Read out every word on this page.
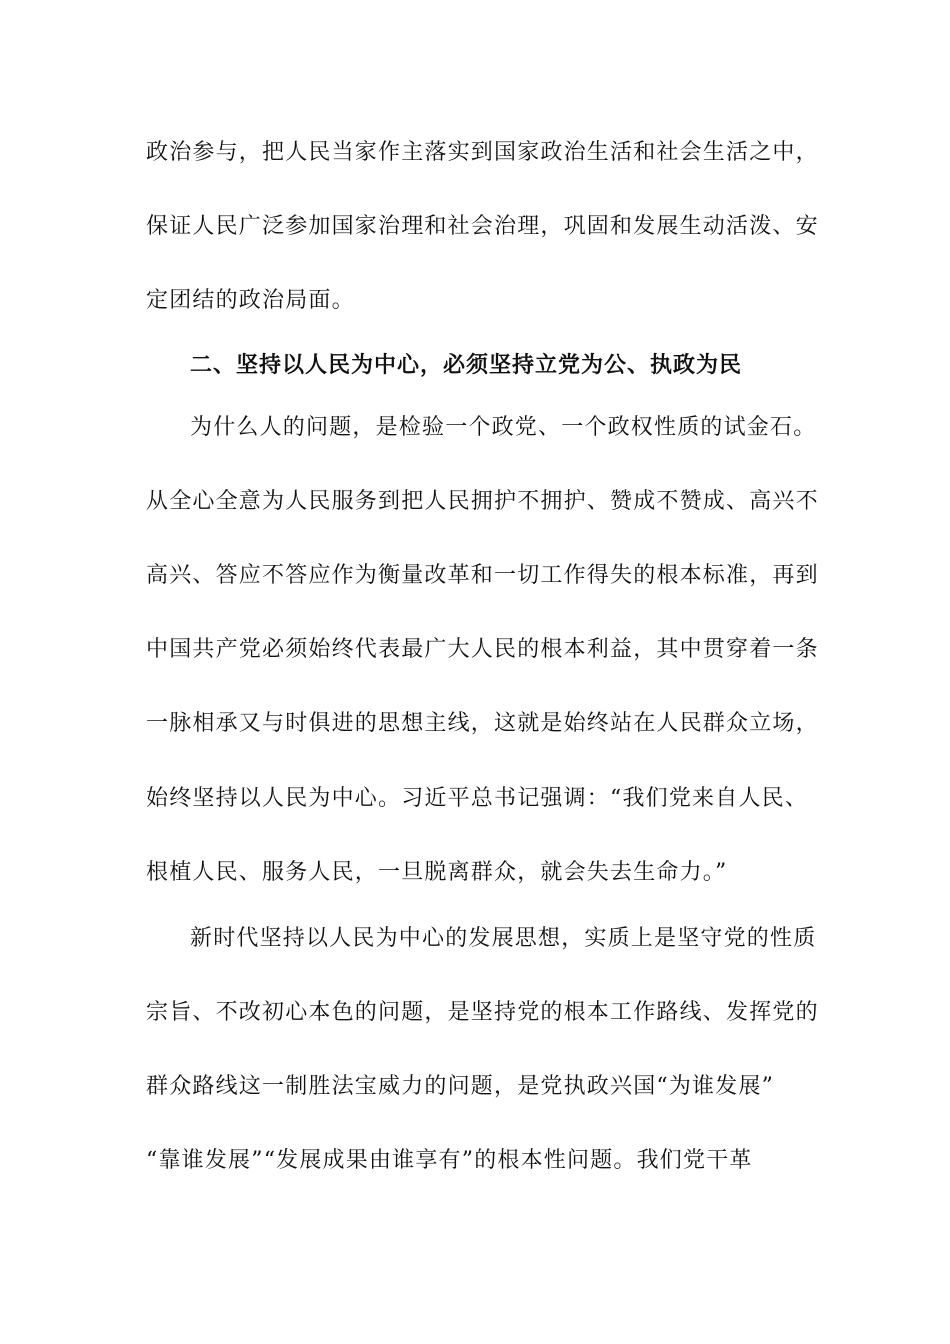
政治参与，把人民当家作主落实到国家政治生活和社会生活之中，
保证人民广泛参加国家治理和社会治理，巩固和发展生动活泼、安
定团结的政治局面。
二、坚持以人民为中心，必须坚持立党为公、执政为民
为什么人的问题，是检验一个政党、一个政权性质的试金石。
从全心全意为人民服务到把人民拥护不拥护、赞成不赞成、高兴不
高兴、答应不答应作为衡量改革和一切工作得失的根本标准，再到
中国共产党必须始终代表最广大人民的根本利益，其中贯穿着一条
一脉相承又与时俱进的思想主线，这就是始终站在人民群众立场，
始终坚持以人民为中心。习近平总书记强调：“我们党来自人民、
根植人民、服务人民，一旦脱离群众，就会失去生命力。”
新时代坚持以人民为中心的发展思想，实质上是坚守党的性质
宗旨、不改初心本色的问题，是坚持党的根本工作路线、发挥党的
群众路线这一制胜法宝威力的问题，是党执政兴国“为谁发展”
“靠谁发展”“发展成果由谁享有”的根本性问题。我们党干革
